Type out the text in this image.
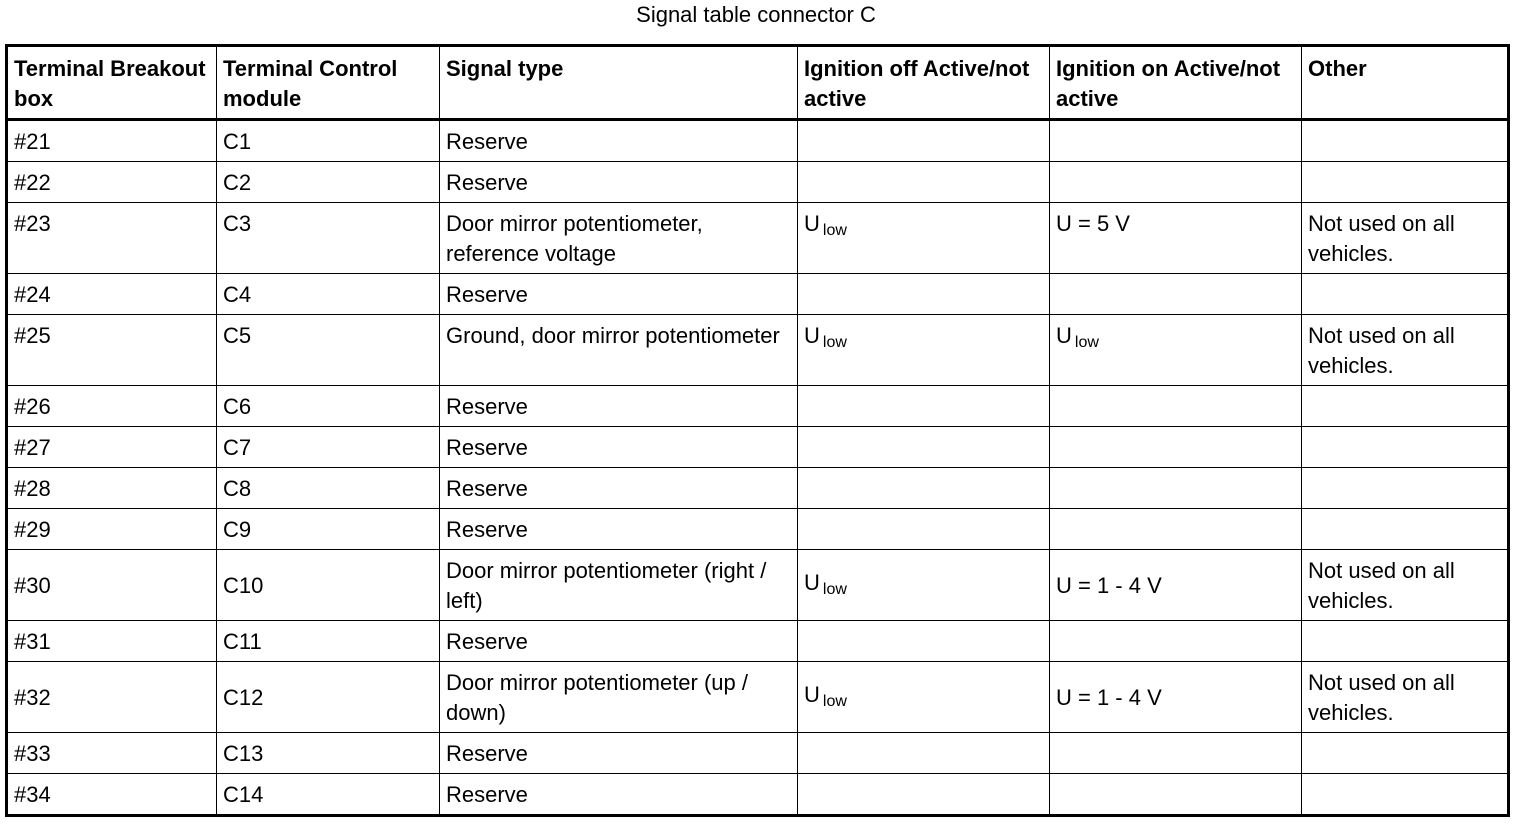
Signal table connector C
Terminal Breakout box	Terminal Control module	Signal type	Ignition off Active/not active	Ignition on Active/not active	Other
#21	C1	Reserve			
#22	C2	Reserve			
#23	C3	Door mirror potentiometer, reference voltage	U $_{low}$	U = 5 V	Not used on all vehicles.
#24	C4	Reserve			
#25	C5	Ground, door mirror potentiometer	U $_{low}$	U $_{low}$	Not used on all vehicles.
#26	C6	Reserve			
#27	C7	Reserve			
#28	C8	Reserve			
#29	C9	Reserve			
#30	C10	Door mirror potentiometer (right / left)	U $_{low}$	U = 1 - 4 V	Not used on all vehicles.
#31	C11	Reserve			
#32	C12	Door mirror potentiometer (up / down)	U $_{low}$	U = 1 - 4 V	Not used on all vehicles.
#33	C13	Reserve			
#34	C14	Reserve			
